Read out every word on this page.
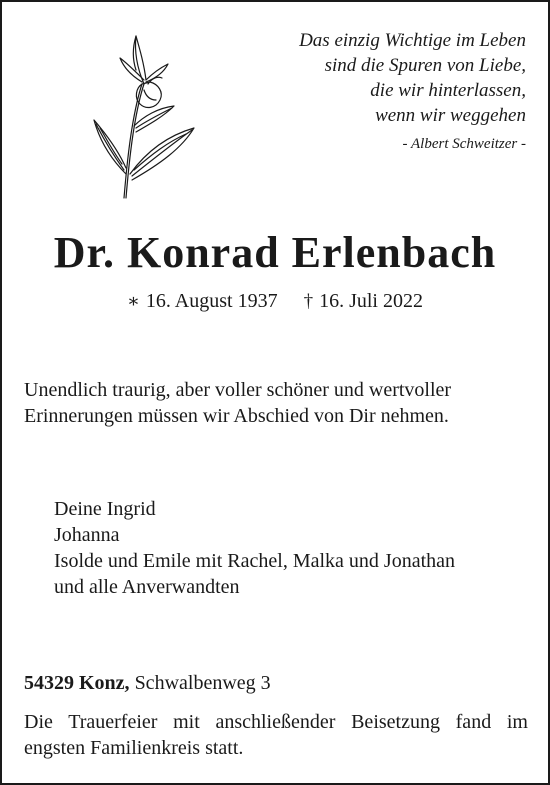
Das einzig Wichtige im Leben
sind die Spuren von Liebe,
die wir hinterlassen,
wenn wir weggehen
- Albert Schweitzer -
Dr. Konrad Erlenbach
∗ 16. August 1937 † 16. Juli 2022
Unendlich traurig, aber voller schöner und wertvoller
Erinnerungen müssen wir Abschied von Dir nehmen.
Deine Ingrid
Johanna
Isolde und Emile mit Rachel, Malka und Jonathan
und alle Anverwandten
54329 Konz, Schwalbenweg 3
Die Trauerfeier mit anschließender Beisetzung fand im engsten Familienkreis statt.
